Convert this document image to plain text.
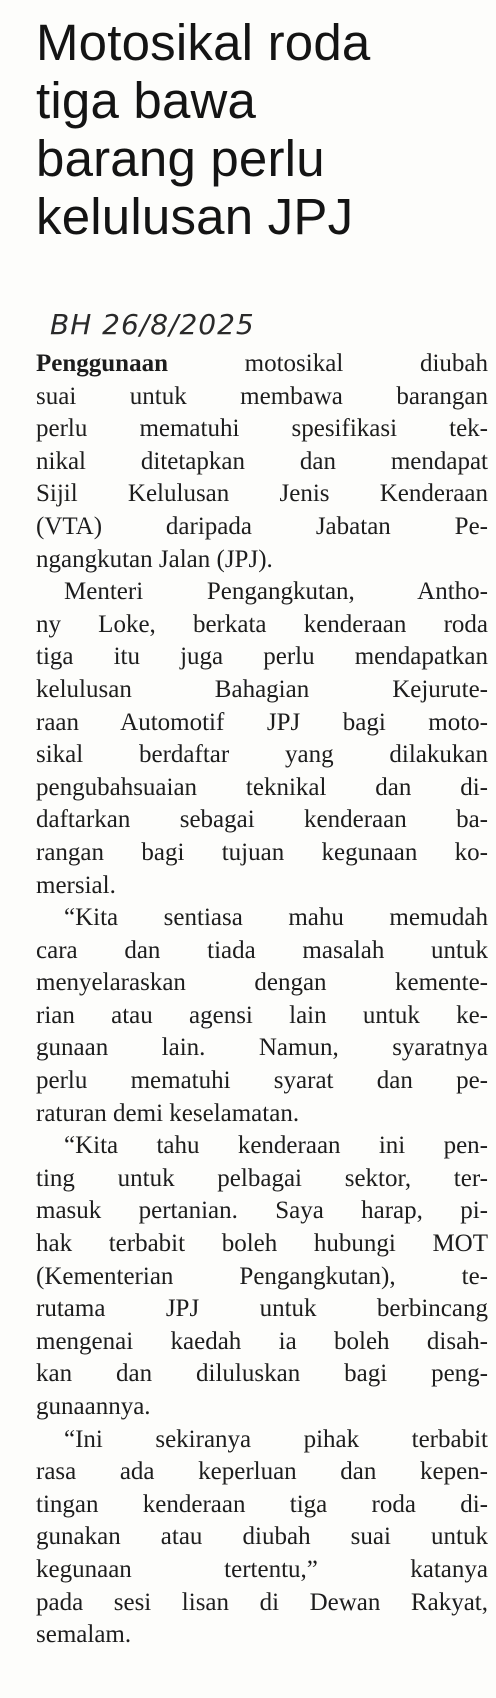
Motosikal roda
tiga bawa
barang perlu
kelulusan JPJ
BH 26/8/2025
Penggunaan motosikal diubah
suai untuk membawa barangan
perlu mematuhi spesifikasi tek-
nikal ditetapkan dan mendapat
Sijil Kelulusan Jenis Kenderaan
(VTA) daripada Jabatan Pe-
ngangkutan Jalan (JPJ).
Menteri Pengangkutan, Antho-
ny Loke, berkata kenderaan roda
tiga itu juga perlu mendapatkan
kelulusan Bahagian Kejurute-
raan Automotif JPJ bagi moto-
sikal berdaftar yang dilakukan
pengubahsuaian teknikal dan di-
daftarkan sebagai kenderaan ba-
rangan bagi tujuan kegunaan ko-
mersial.
“Kita sentiasa mahu memudah
cara dan tiada masalah untuk
menyelaraskan dengan kemente-
rian atau agensi lain untuk ke-
gunaan lain. Namun, syaratnya
perlu mematuhi syarat dan pe-
raturan demi keselamatan.
“Kita tahu kenderaan ini pen-
ting untuk pelbagai sektor, ter-
masuk pertanian. Saya harap, pi-
hak terbabit boleh hubungi MOT
(Kementerian Pengangkutan), te-
rutama JPJ untuk berbincang
mengenai kaedah ia boleh disah-
kan dan diluluskan bagi peng-
gunaannya.
“Ini sekiranya pihak terbabit
rasa ada keperluan dan kepen-
tingan kenderaan tiga roda di-
gunakan atau diubah suai untuk
kegunaan tertentu,” katanya
pada sesi lisan di Dewan Rakyat,
semalam.
